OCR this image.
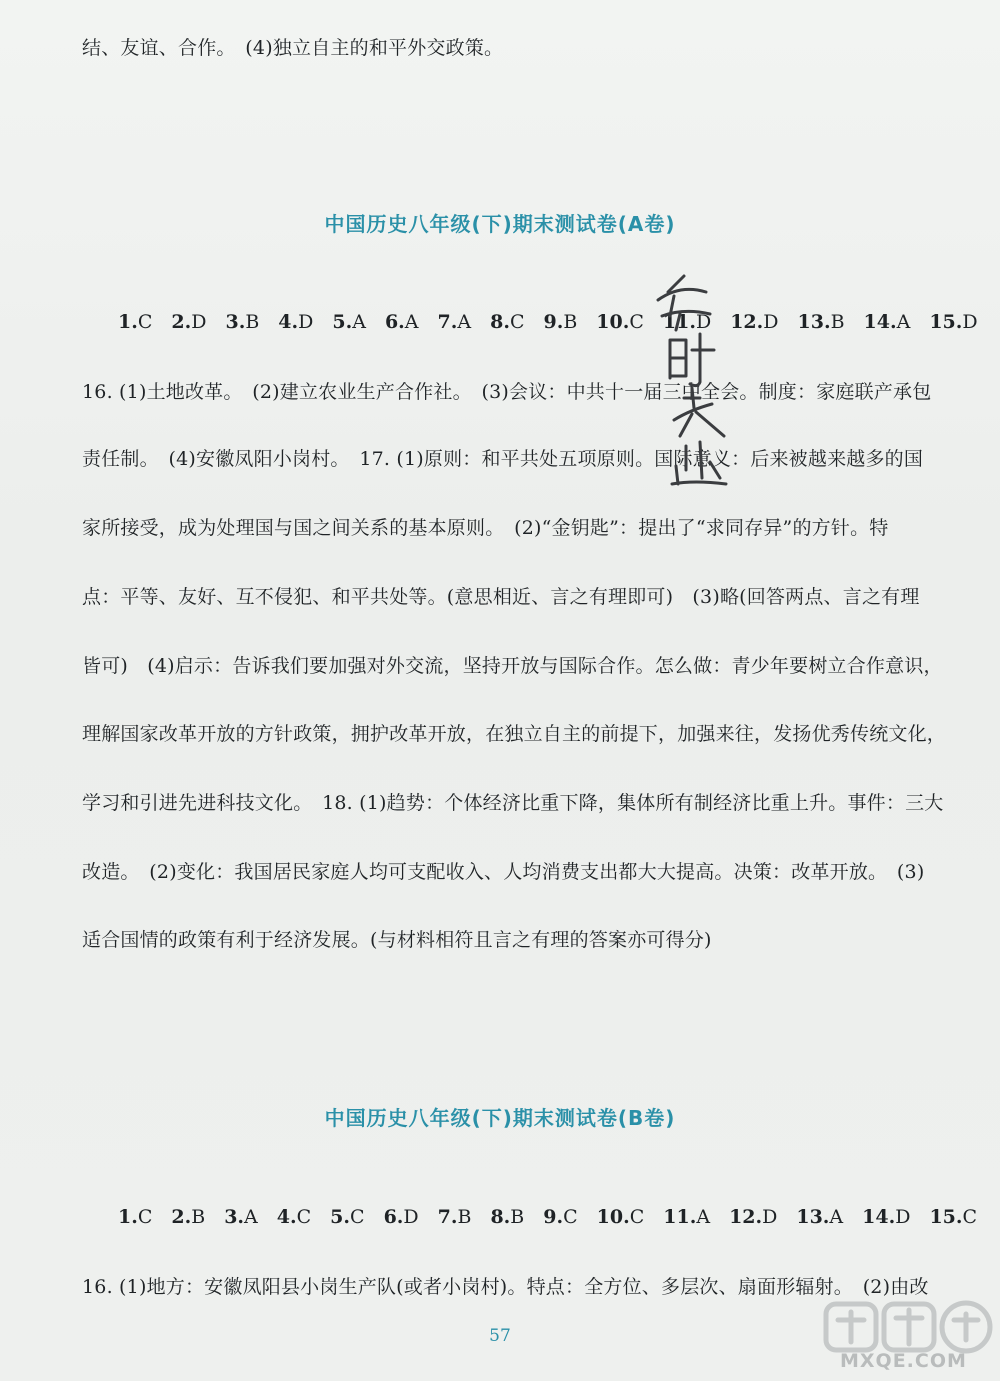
结、友谊、合作。　(4)独立自主的和平外交政策。
中国历史八年级(下)期末测试卷(A卷)
1.C 2.D 3.B 4.D 5.A 6.A 7.A 8.C 9.B 10.C 11.D 12.D 13.B 14.A 15.D
16. (1)土地改革。　(2)建立农业生产合作社。　(3)会议：中共十一届三中全会。制度：家庭联产承包
责任制。　(4)安徽凤阳小岗村。　17. (1)原则：和平共处五项原则。国际意义：后来被越来越多的国
家所接受，成为处理国与国之间关系的基本原则。　(2)“金钥匙”：提出了“求同存异”的方针。特
点：平等、友好、互不侵犯、和平共处等。(意思相近、言之有理即可)　(3)略(回答两点、言之有理
皆可)　(4)启示：告诉我们要加强对外交流，坚持开放与国际合作。怎么做：青少年要树立合作意识，
理解国家改革开放的方针政策，拥护改革开放，在独立自主的前提下，加强来往，发扬优秀传统文化，
学习和引进先进科技文化。　18. (1)趋势：个体经济比重下降，集体所有制经济比重上升。事件：三大
改造。　(2)变化：我国居民家庭人均可支配收入、人均消费支出都大大提高。决策：改革开放。　(3)
适合国情的政策有利于经济发展。(与材料相符且言之有理的答案亦可得分)
中国历史八年级(下)期末测试卷(B卷)
1.C 2.B 3.A 4.C 5.C 6.D 7.B 8.B 9.C 10.C 11.A 12.D 13.A 14.D 15.C
16. (1)地方：安徽凤阳县小岗生产队(或者小岗村)。特点：全方位、多层次、扇面形辐射。　(2)由改
57
MXQE.COM
